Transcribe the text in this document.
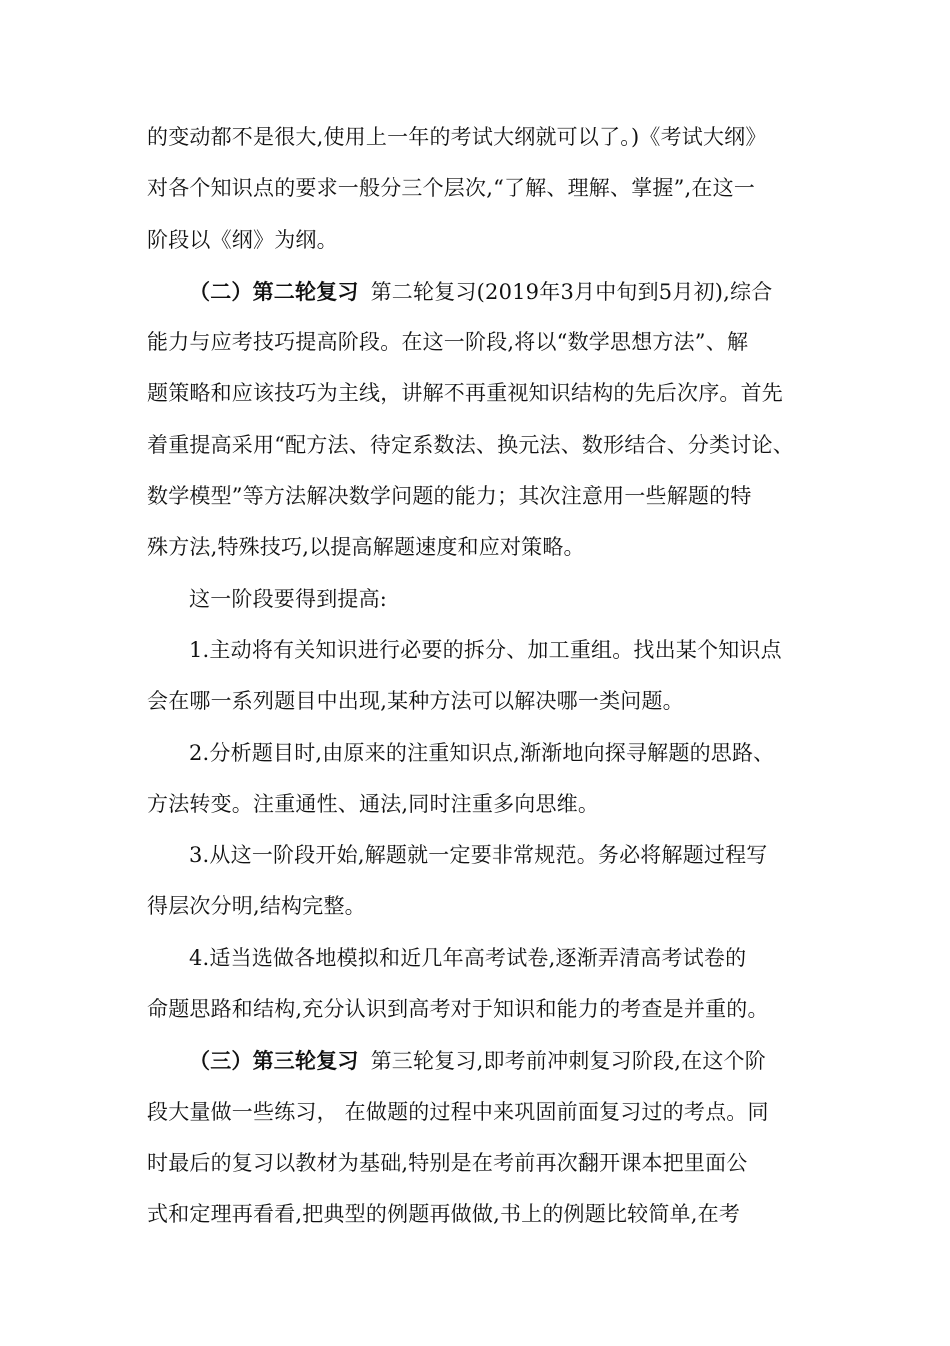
的变动都不是很大,使用上一年的考试大纲就可以了。)《考试大纲》
对各个知识点的要求一般分三个层次,“了解、理解、掌握”,在这一
阶段以《纲》为纲。
（二）第二轮复习 第二轮复习(2019年3月中旬到5月初),综合
能力与应考技巧提高阶段。在这一阶段,将以“数学思想方法”、解
题策略和应该技巧为主线，讲解不再重视知识结构的先后次序。首先
着重提高采用“配方法、待定系数法、换元法、数形结合、分类讨论、
数学模型”等方法解决数学问题的能力；其次注意用一些解题的特
殊方法,特殊技巧,以提高解题速度和应对策略。
这一阶段要得到提高:
1.主动将有关知识进行必要的拆分、加工重组。找出某个知识点
会在哪一系列题目中出现,某种方法可以解决哪一类问题。
2.分析题目时,由原来的注重知识点,渐渐地向探寻解题的思路、
方法转变。注重通性、通法,同时注重多向思维。
3.从这一阶段开始,解题就一定要非常规范。务必将解题过程写
得层次分明,结构完整。
4.适当选做各地模拟和近几年高考试卷,逐渐弄清高考试卷的
命题思路和结构,充分认识到高考对于知识和能力的考查是并重的。
（三）第三轮复习 第三轮复习,即考前冲刺复习阶段,在这个阶
段大量做一些练习， 在做题的过程中来巩固前面复习过的考点。同
时最后的复习以教材为基础,特别是在考前再次翻开课本把里面公
式和定理再看看,把典型的例题再做做,书上的例题比较简单,在考
